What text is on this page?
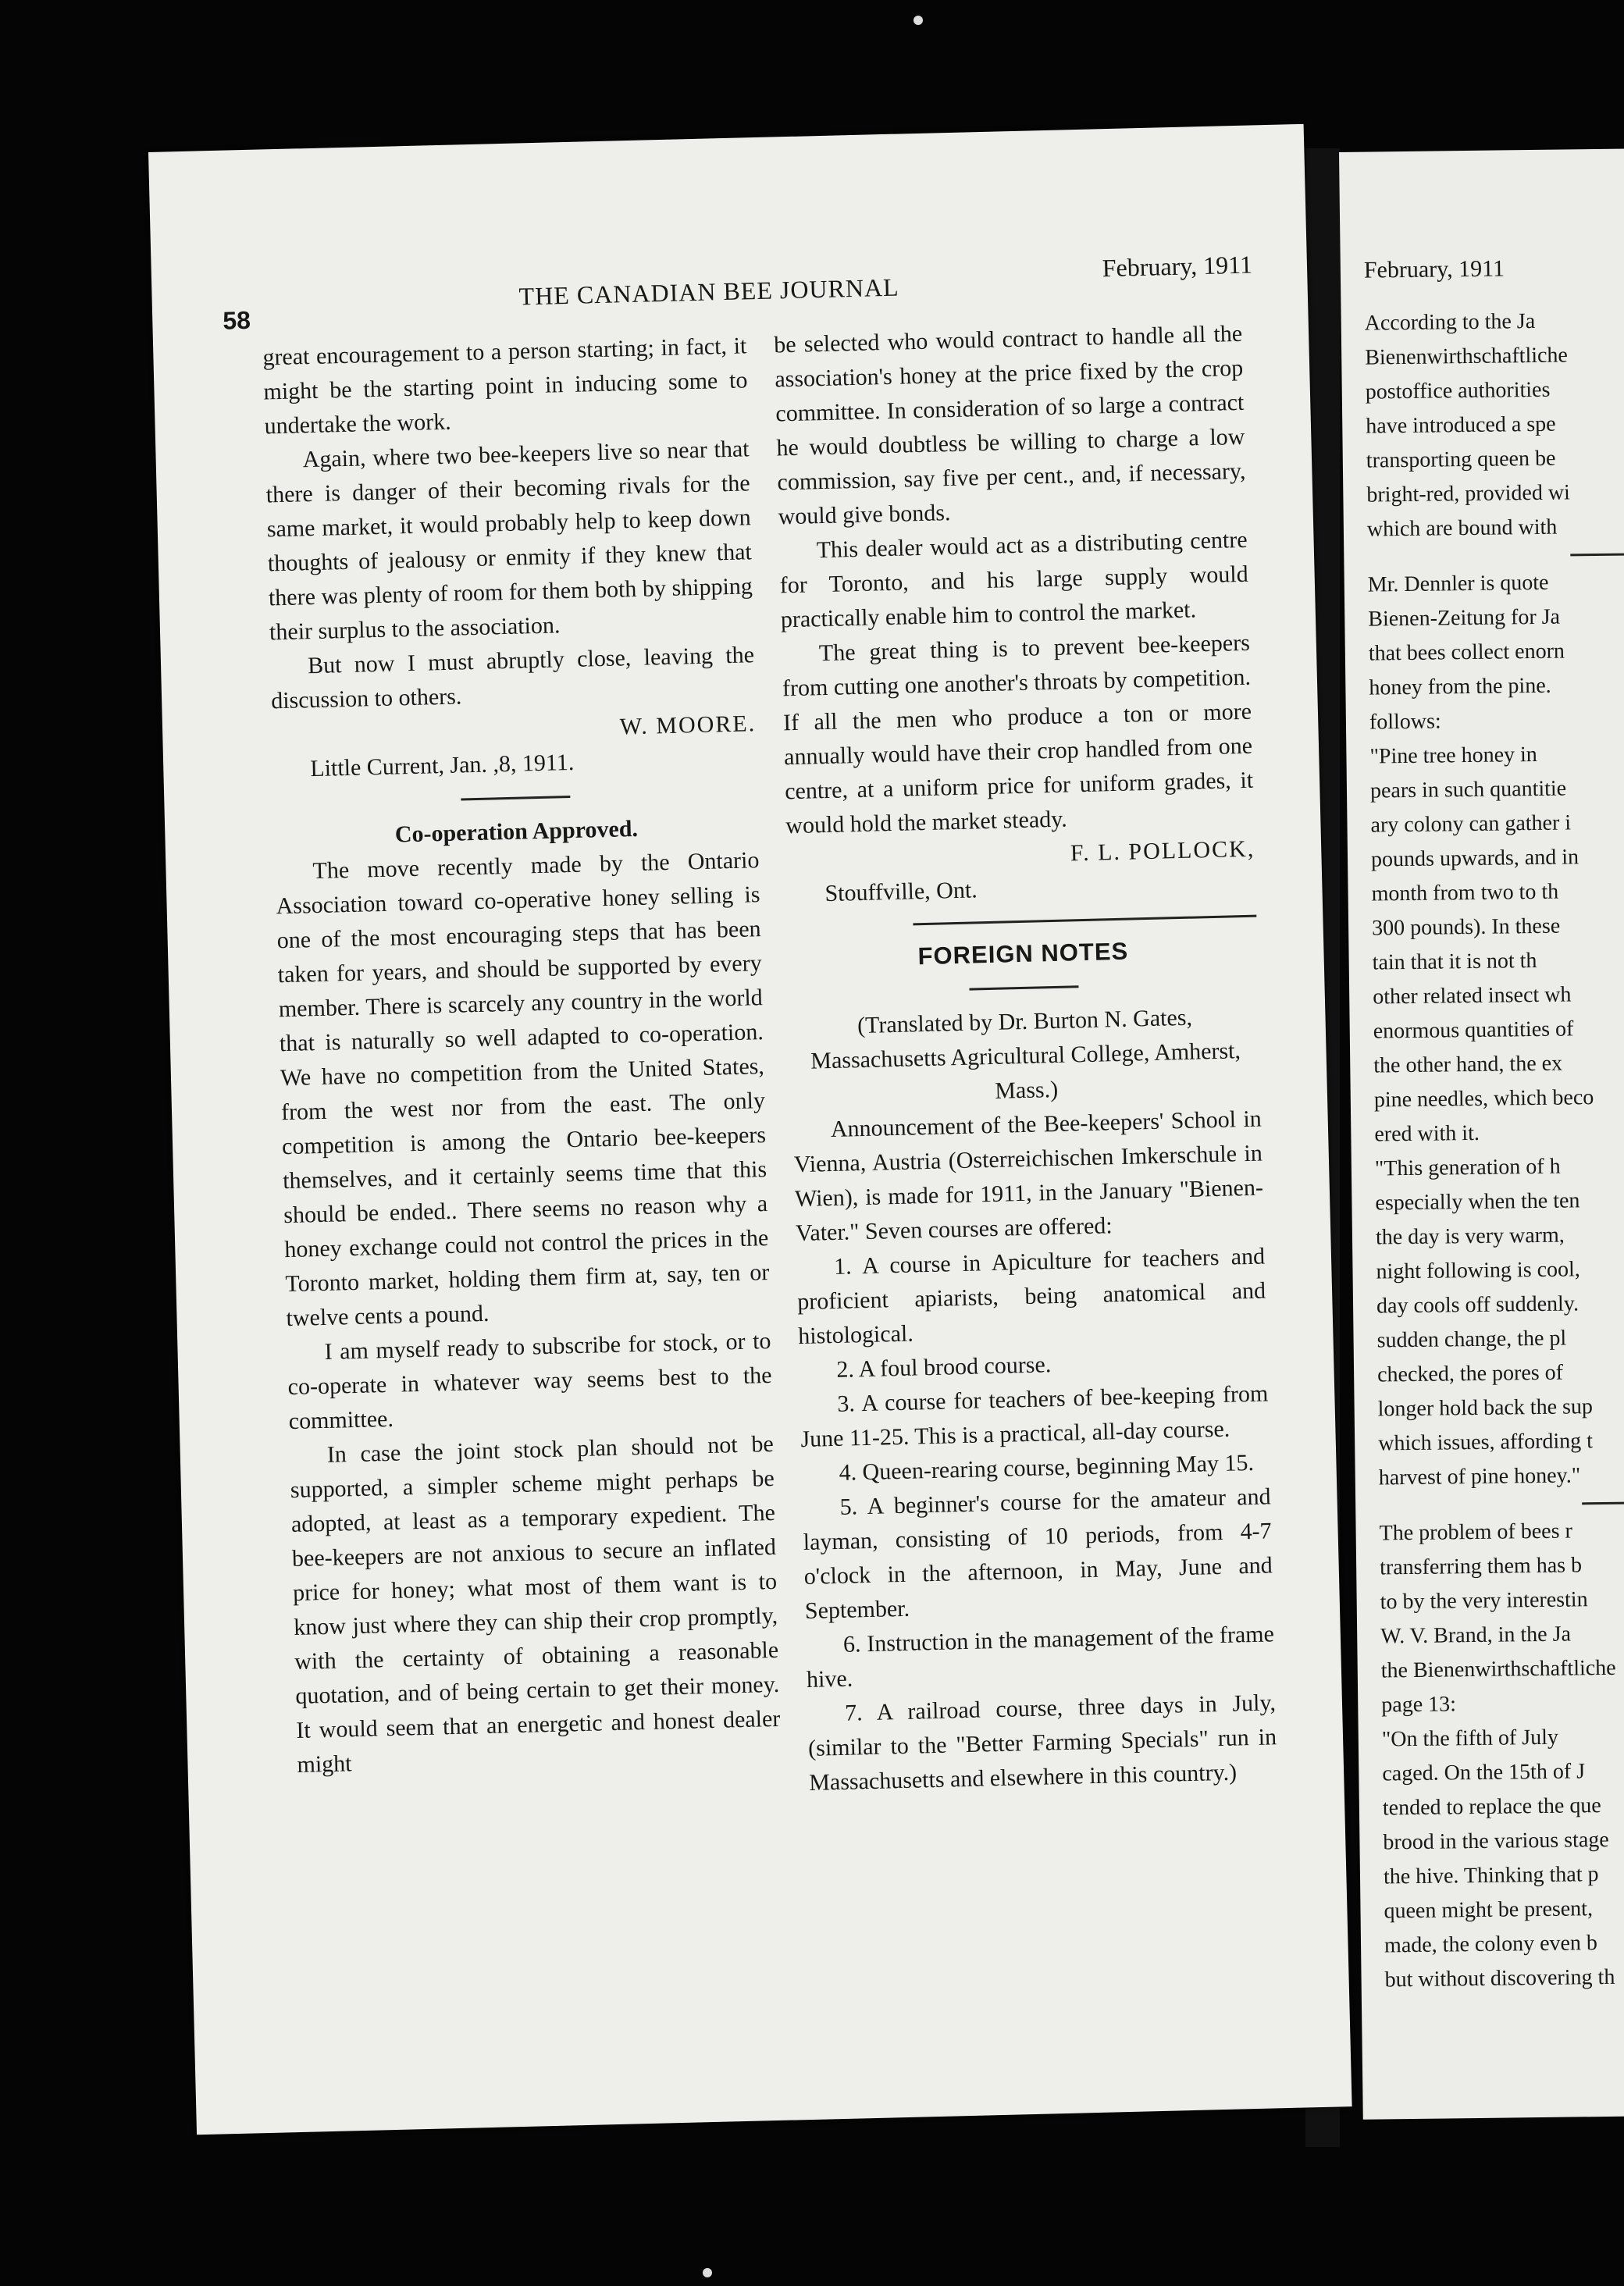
58
THE CANADIAN BEE JOURNAL
February, 1911

great encouragement to a person starting; in fact, it might be the starting point in inducing some to undertake the work.

Again, where two bee-keepers live so near that there is danger of their becoming rivals for the same market, it would probably help to keep down thoughts of jealousy or enmity if they knew that there was plenty of room for them both by shipping their surplus to the association.

But now I must abruptly close, leaving the discussion to others.

W. MOORE.

Little Current, Jan. ,8, 1911.

Co-operation Approved.

The move recently made by the Ontario Association toward co-operative honey selling is one of the most encouraging steps that has been taken for years, and should be supported by every member. There is scarcely any country in the world that is naturally so well adapted to co-operation. We have no competition from the United States, from the west nor from the east. The only competition is among the Ontario bee-keepers themselves, and it certainly seems time that this should be ended.. There seems no reason why a honey exchange could not control the prices in the Toronto market, holding them firm at, say, ten or twelve cents a pound.

I am myself ready to subscribe for stock, or to co-operate in whatever way seems best to the committee.

In case the joint stock plan should not be supported, a simpler scheme might perhaps be adopted, at least as a temporary expedient. The bee-keepers are not anxious to secure an inflated price for honey; what most of them want is to know just where they can ship their crop promptly, with the certainty of obtaining a reasonable quotation, and of being certain to get their money. It would seem that an energetic and honest dealer might

be selected who would contract to handle all the association's honey at the price fixed by the crop committee. In consideration of so large a contract he would doubtless be willing to charge a low commission, say five per cent., and, if necessary, would give bonds.

This dealer would act as a distributing centre for Toronto, and his large supply would practically enable him to control the market.

The great thing is to prevent bee-keepers from cutting one another's throats by competition. If all the men who produce a ton or more annually would have their crop handled from one centre, at a uniform price for uniform grades, it would hold the market steady.

F. L. POLLOCK,

Stouffville, Ont.

FOREIGN NOTES

(Translated by Dr. Burton N. Gates, Massachusetts Agricultural College, Amherst, Mass.)

Announcement of the Bee-keepers' School in Vienna, Austria (Osterreichischen Imkerschule in Wien), is made for 1911, in the January "Bienen-Vater." Seven courses are offered:

1. A course in Apiculture for teachers and proficient apiarists, being anatomical and histological.

2. A foul brood course.

3. A course for teachers of bee-keeping from June 11-25. This is a practical, all-day course.

4. Queen-rearing course, beginning May 15.

5. A beginner's course for the amateur and layman, consisting of 10 periods, from 4-7 o'clock in the afternoon, in May, June and September.

6. Instruction in the management of the frame hive.

7. A railroad course, three days in July, (similar to the "Better Farming Specials" run in Massachusetts and elsewhere in this country.)

February, 1911

According to the Ja

Bienenwirthschaftliche

postoffice authorities

have introduced a spe

transporting queen be

bright-red, provided wi

which are bound with

Mr. Dennler is quote

Bienen-Zeitung for Ja

that bees collect enorn

honey from the pine.

follows:

"Pine tree honey in

pears in such quantitie

ary colony can gather i

pounds upwards, and in

month from two to th

300 pounds). In these

tain that it is not th

other related insect wh

enormous quantities of

the other hand, the ex

pine needles, which beco

ered with it.

"This generation of h

especially when the ten

the day is very warm,

night following is cool,

day cools off suddenly.

sudden change, the pl

checked, the pores of

longer hold back the sup

which issues, affording t

harvest of pine honey."

The problem of bees r

transferring them has b

to by the very interestin

W. V. Brand, in the Ja

the Bienenwirthschaftliche

page 13:

"On the fifth of July

caged. On the 15th of J

tended to replace the que

brood in the various stage

the hive. Thinking that p

queen might be present,

made, the colony even b

but without discovering th
